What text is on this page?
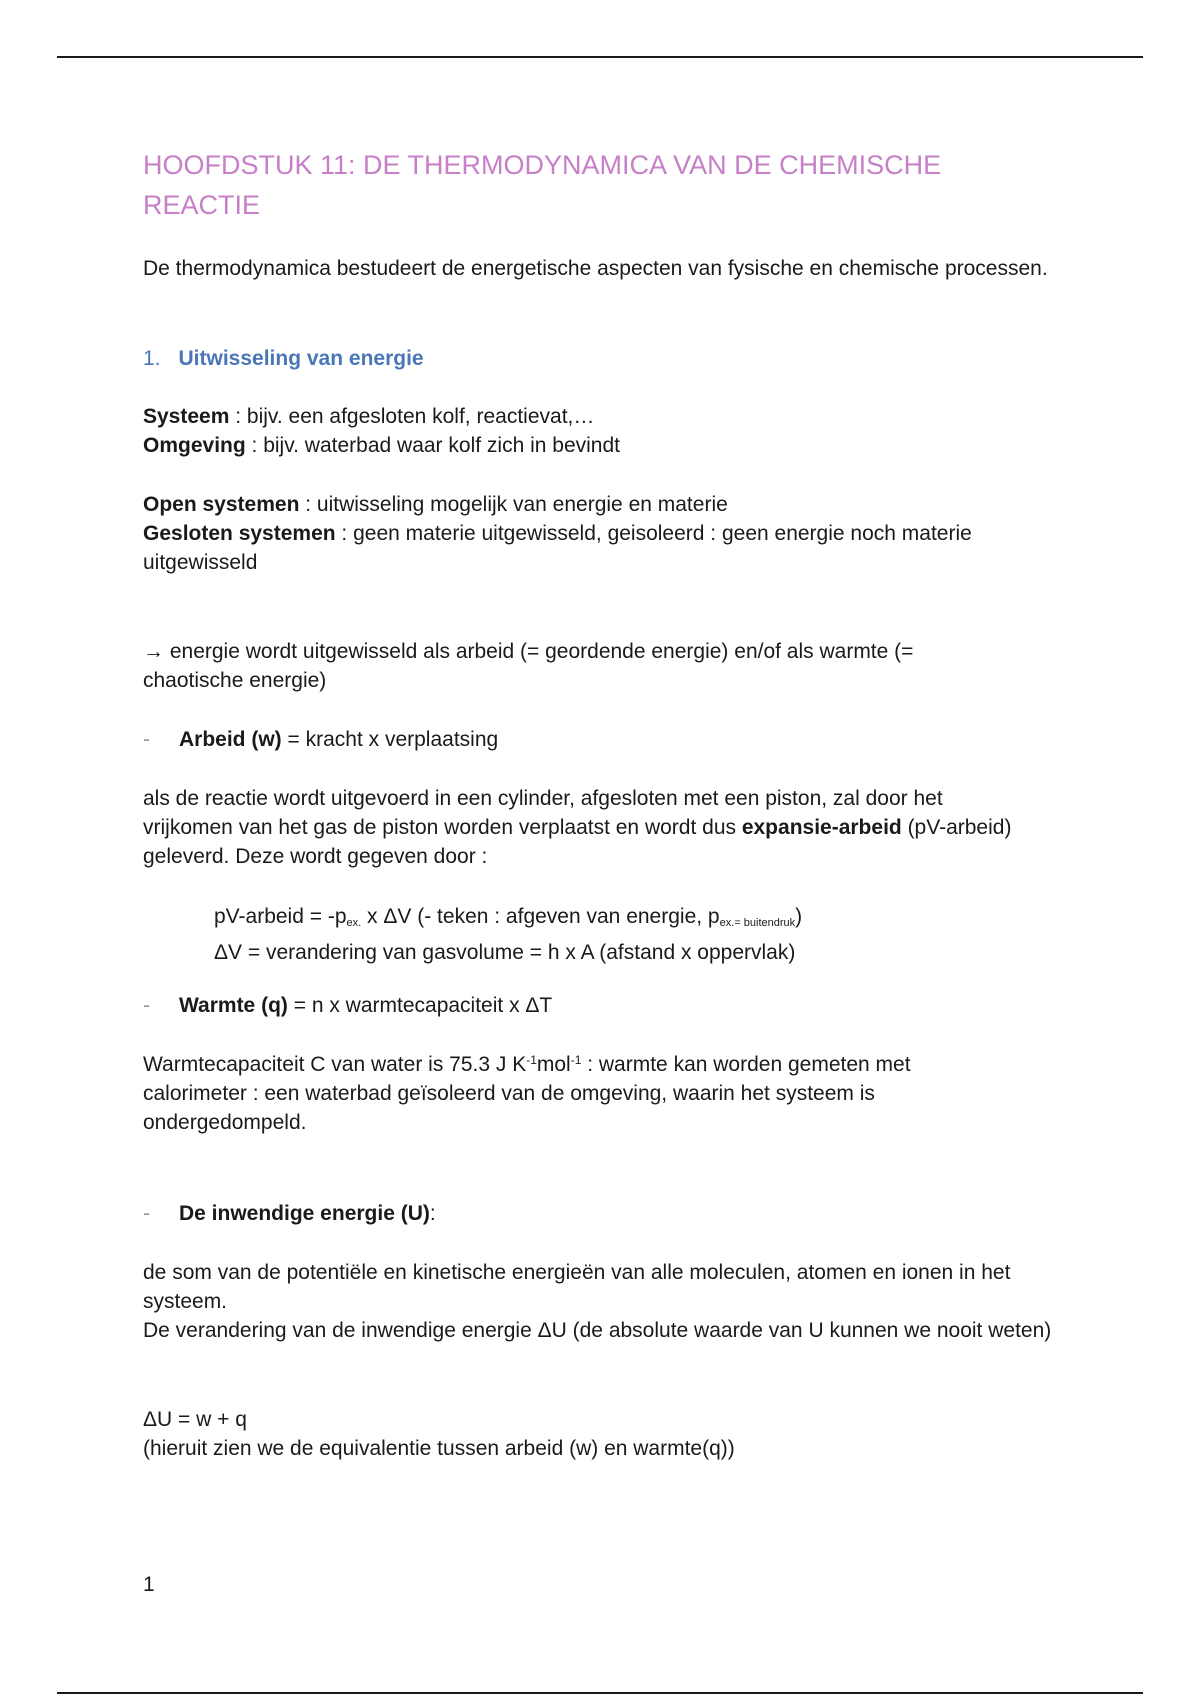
HOOFDSTUK 11: DE THERMODYNAMICA VAN DE CHEMISCHE
REACTIE

De thermodynamica bestudeert de energetische aspecten van fysische en chemische processen.

1. Uitwisseling van energie

Systeem : bijv. een afgesloten kolf, reactievat,…
Omgeving : bijv. waterbad waar kolf zich in bevindt

Open systemen : uitwisseling mogelijk van energie en materie
Gesloten systemen : geen materie uitgewisseld, geisoleerd : geen energie noch materie uitgewisseld

→ energie wordt uitgewisseld als arbeid (= geordende energie) en/of als warmte (= chaotische energie)

- Arbeid (w) = kracht x verplaatsing

als de reactie wordt uitgevoerd in een cylinder, afgesloten met een piston, zal door het vrijkomen van het gas de piston worden verplaatst en wordt dus expansie-arbeid (pV-arbeid) geleverd. Deze wordt gegeven door :

pV-arbeid = $-p_{ex.}$ x ΔV (- teken : afgeven van energie, $p_{ex.= buitendruk}$)
ΔV = verandering van gasvolume = h x A (afstand x oppervlak)

- Warmte (q) = n x warmtecapaciteit x ΔT

Warmtecapaciteit C van water is 75.3 J $K^{-1}mol^{-1}$ : warmte kan worden gemeten met calorimeter : een waterbad geïsoleerd van de omgeving, waarin het systeem is ondergedompeld.

- De inwendige energie (U):

de som van de potentiële en kinetische energieën van alle moleculen, atomen en ionen in het systeem.
De verandering van de inwendige energie ΔU (de absolute waarde van U kunnen we nooit weten)

ΔU = w + q
(hieruit zien we de equivalentie tussen arbeid (w) en warmte(q))

1
